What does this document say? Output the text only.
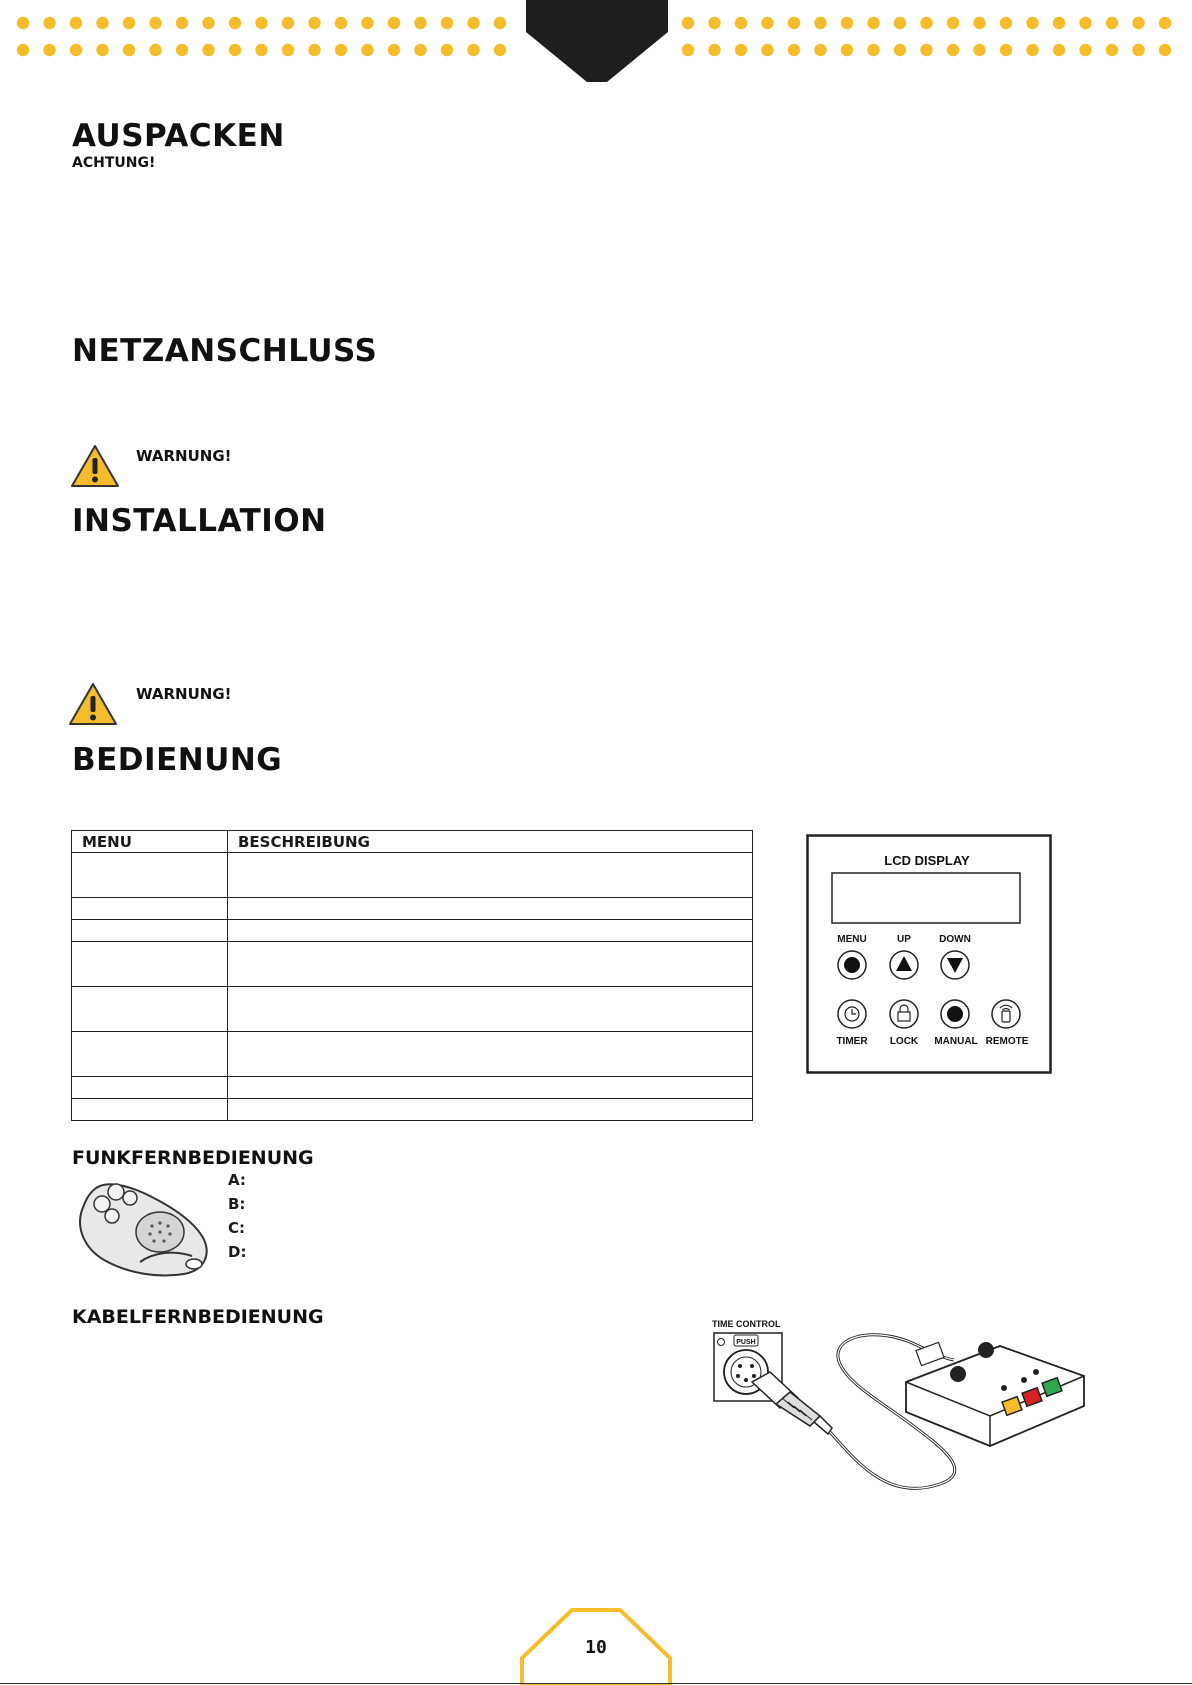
AUSPACKEN
ACHTUNG!
NETZANSCHLUSS
WARNUNG!
INSTALLATION
WARNUNG!
BEDIENUNG
MENU	BESCHREIBUNG

LCD DISPLAY
MENU	UP	DOWN
TIMER LOCK MANUAL REMOTE
FUNKFERNBEDIENUNG
A:
B:
C:
D:
KABELFERNBEDIENUNG	TIME CONTROL
PUSH
10
